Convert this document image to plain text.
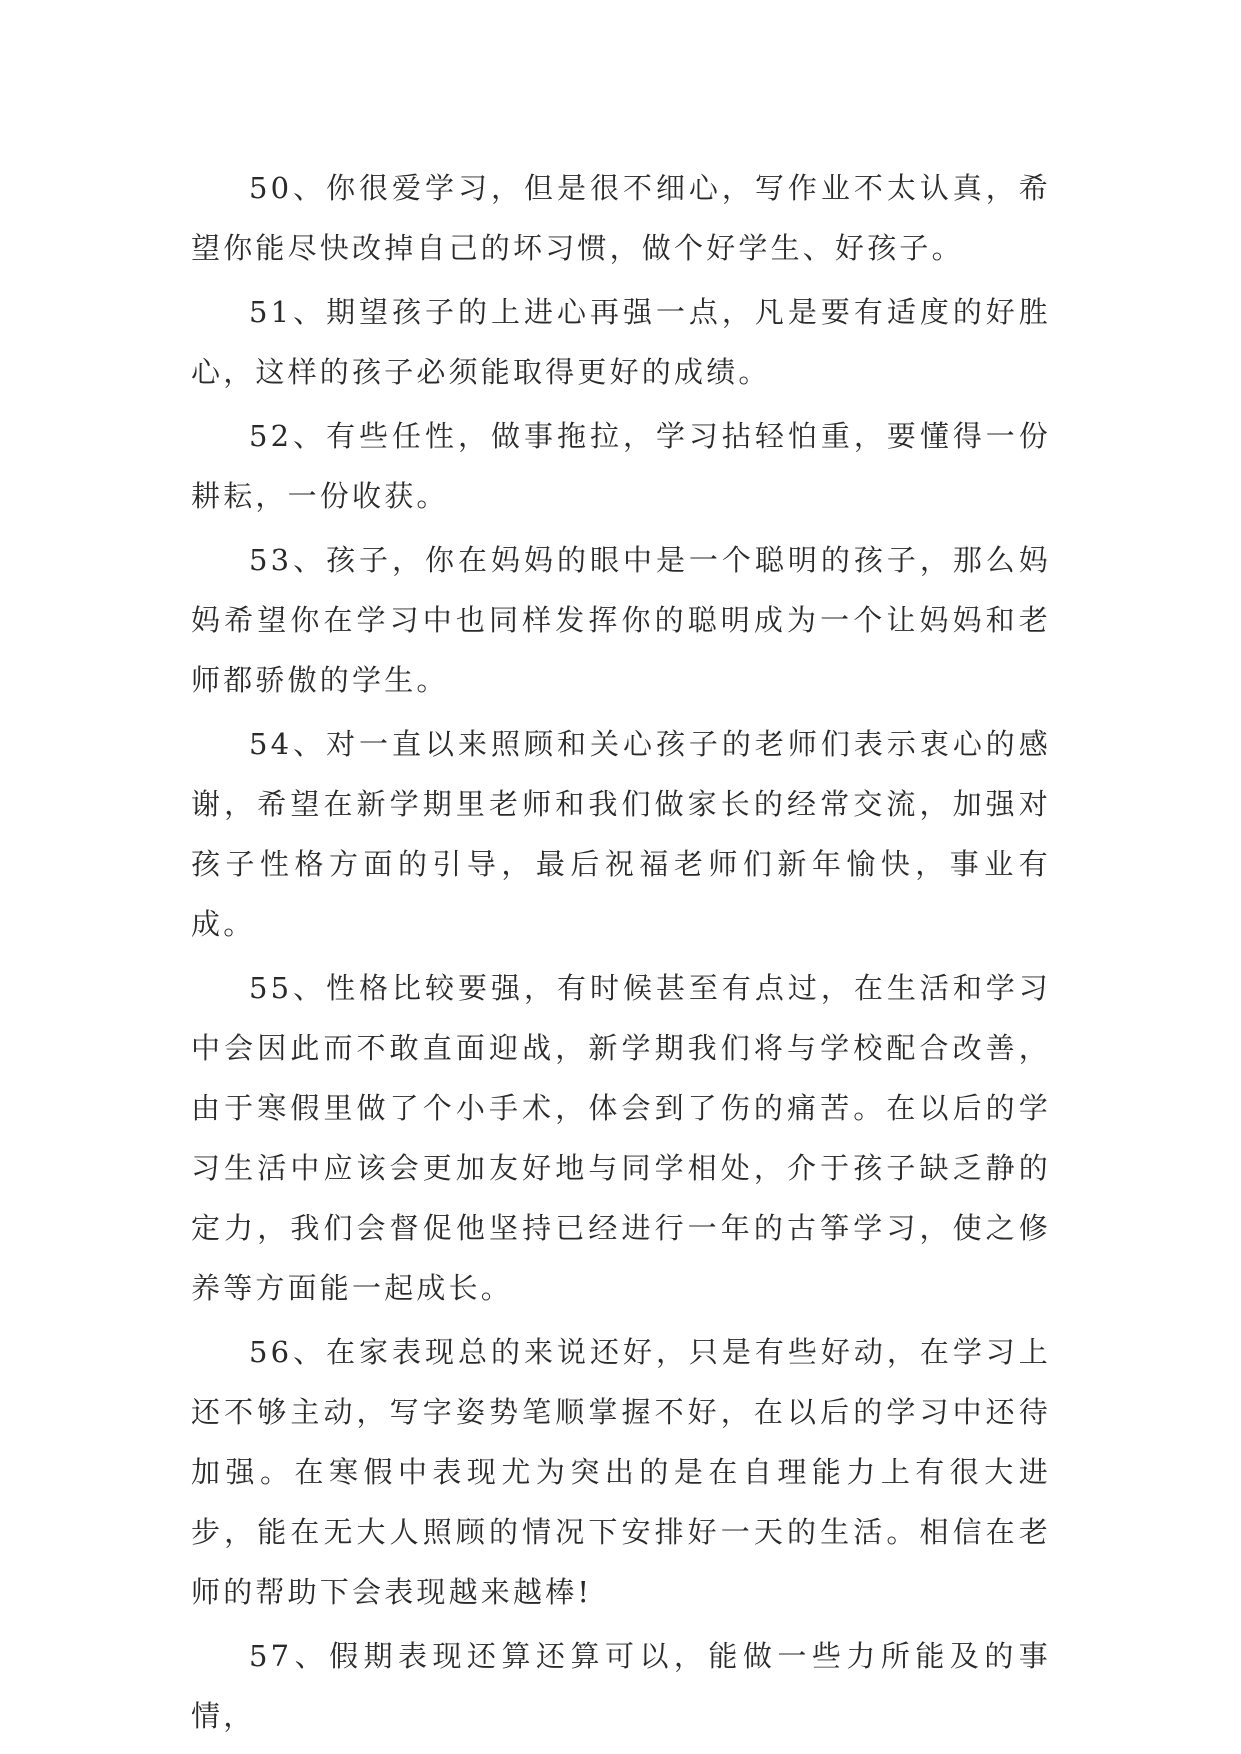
50、你很爱学习，但是很不细心，写作业不太认真，希望你能尽快改掉自己的坏习惯，做个好学生、好孩子。

51、期望孩子的上进心再强一点，凡是要有适度的好胜心，这样的孩子必须能取得更好的成绩。

52、有些任性，做事拖拉，学习拈轻怕重，要懂得一份耕耘，一份收获。

53、孩子，你在妈妈的眼中是一个聪明的孩子，那么妈妈希望你在学习中也同样发挥你的聪明成为一个让妈妈和老师都骄傲的学生。

54、对一直以来照顾和关心孩子的老师们表示衷心的感谢，希望在新学期里老师和我们做家长的经常交流，加强对孩子性格方面的引导，最后祝福老师们新年愉快，事业有成。

55、性格比较要强，有时候甚至有点过，在生活和学习中会因此而不敢直面迎战，新学期我们将与学校配合改善，由于寒假里做了个小手术，体会到了伤的痛苦。在以后的学习生活中应该会更加友好地与同学相处，介于孩子缺乏静的定力，我们会督促他坚持已经进行一年的古筝学习，使之修养等方面能一起成长。

56、在家表现总的来说还好，只是有些好动，在学习上还不够主动，写字姿势笔顺掌握不好，在以后的学习中还待加强。在寒假中表现尤为突出的是在自理能力上有很大进步，能在无大人照顾的情况下安排好一天的生活。相信在老师的帮助下会表现越来越棒!

57、假期表现还算还算可以，能做一些力所能及的事情，
